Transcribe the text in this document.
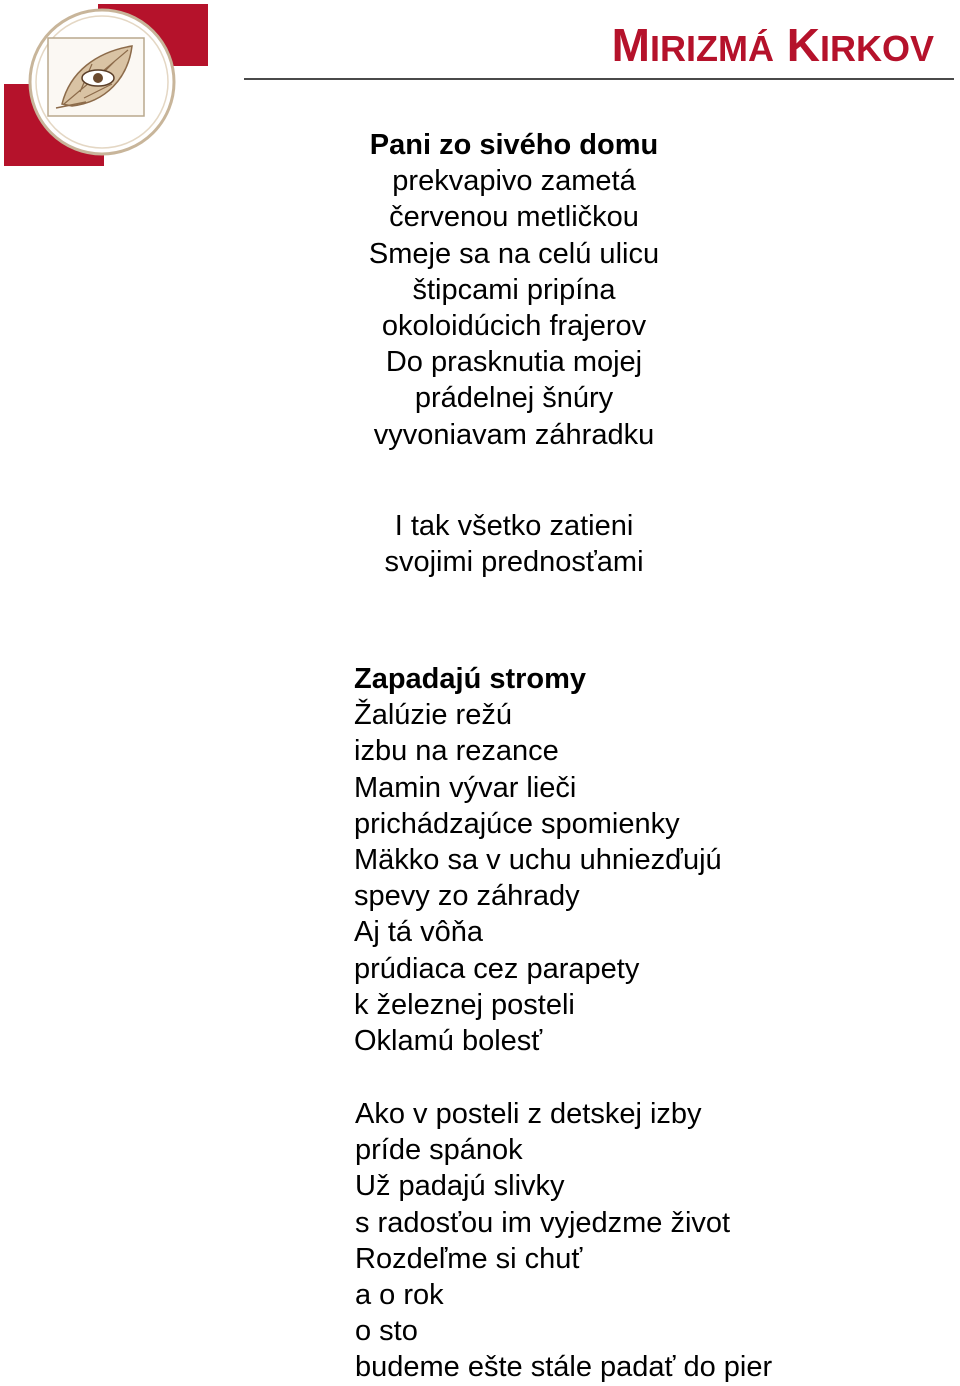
MIRIZMÁ KIRKOV
Pani zo sivého domu
prekvapivo zametá
červenou metličkou
Smeje sa na celú ulicu
štipcami pripína
okoloidúcich frajerov
Do prasknutia mojej
prádelnej šnúry
vyvoniavam záhradku
I tak všetko zatieni
svojimi prednosťami
Zapadajú stromy
Žalúzie režú
izbu na rezance
Mamin vývar lieči
prichádzajúce spomienky
Mäkko sa v uchu uhniezďujú
spevy zo záhrady
Aj tá vôňa
prúdiaca cez parapety
k železnej posteli
Oklamú bolesť
Ako v posteli z detskej izby
príde spánok
Už padajú slivky
s radosťou im vyjedzme život
Rozdeľme si chuť
a o rok
o sto
budeme ešte stále padať do pier
